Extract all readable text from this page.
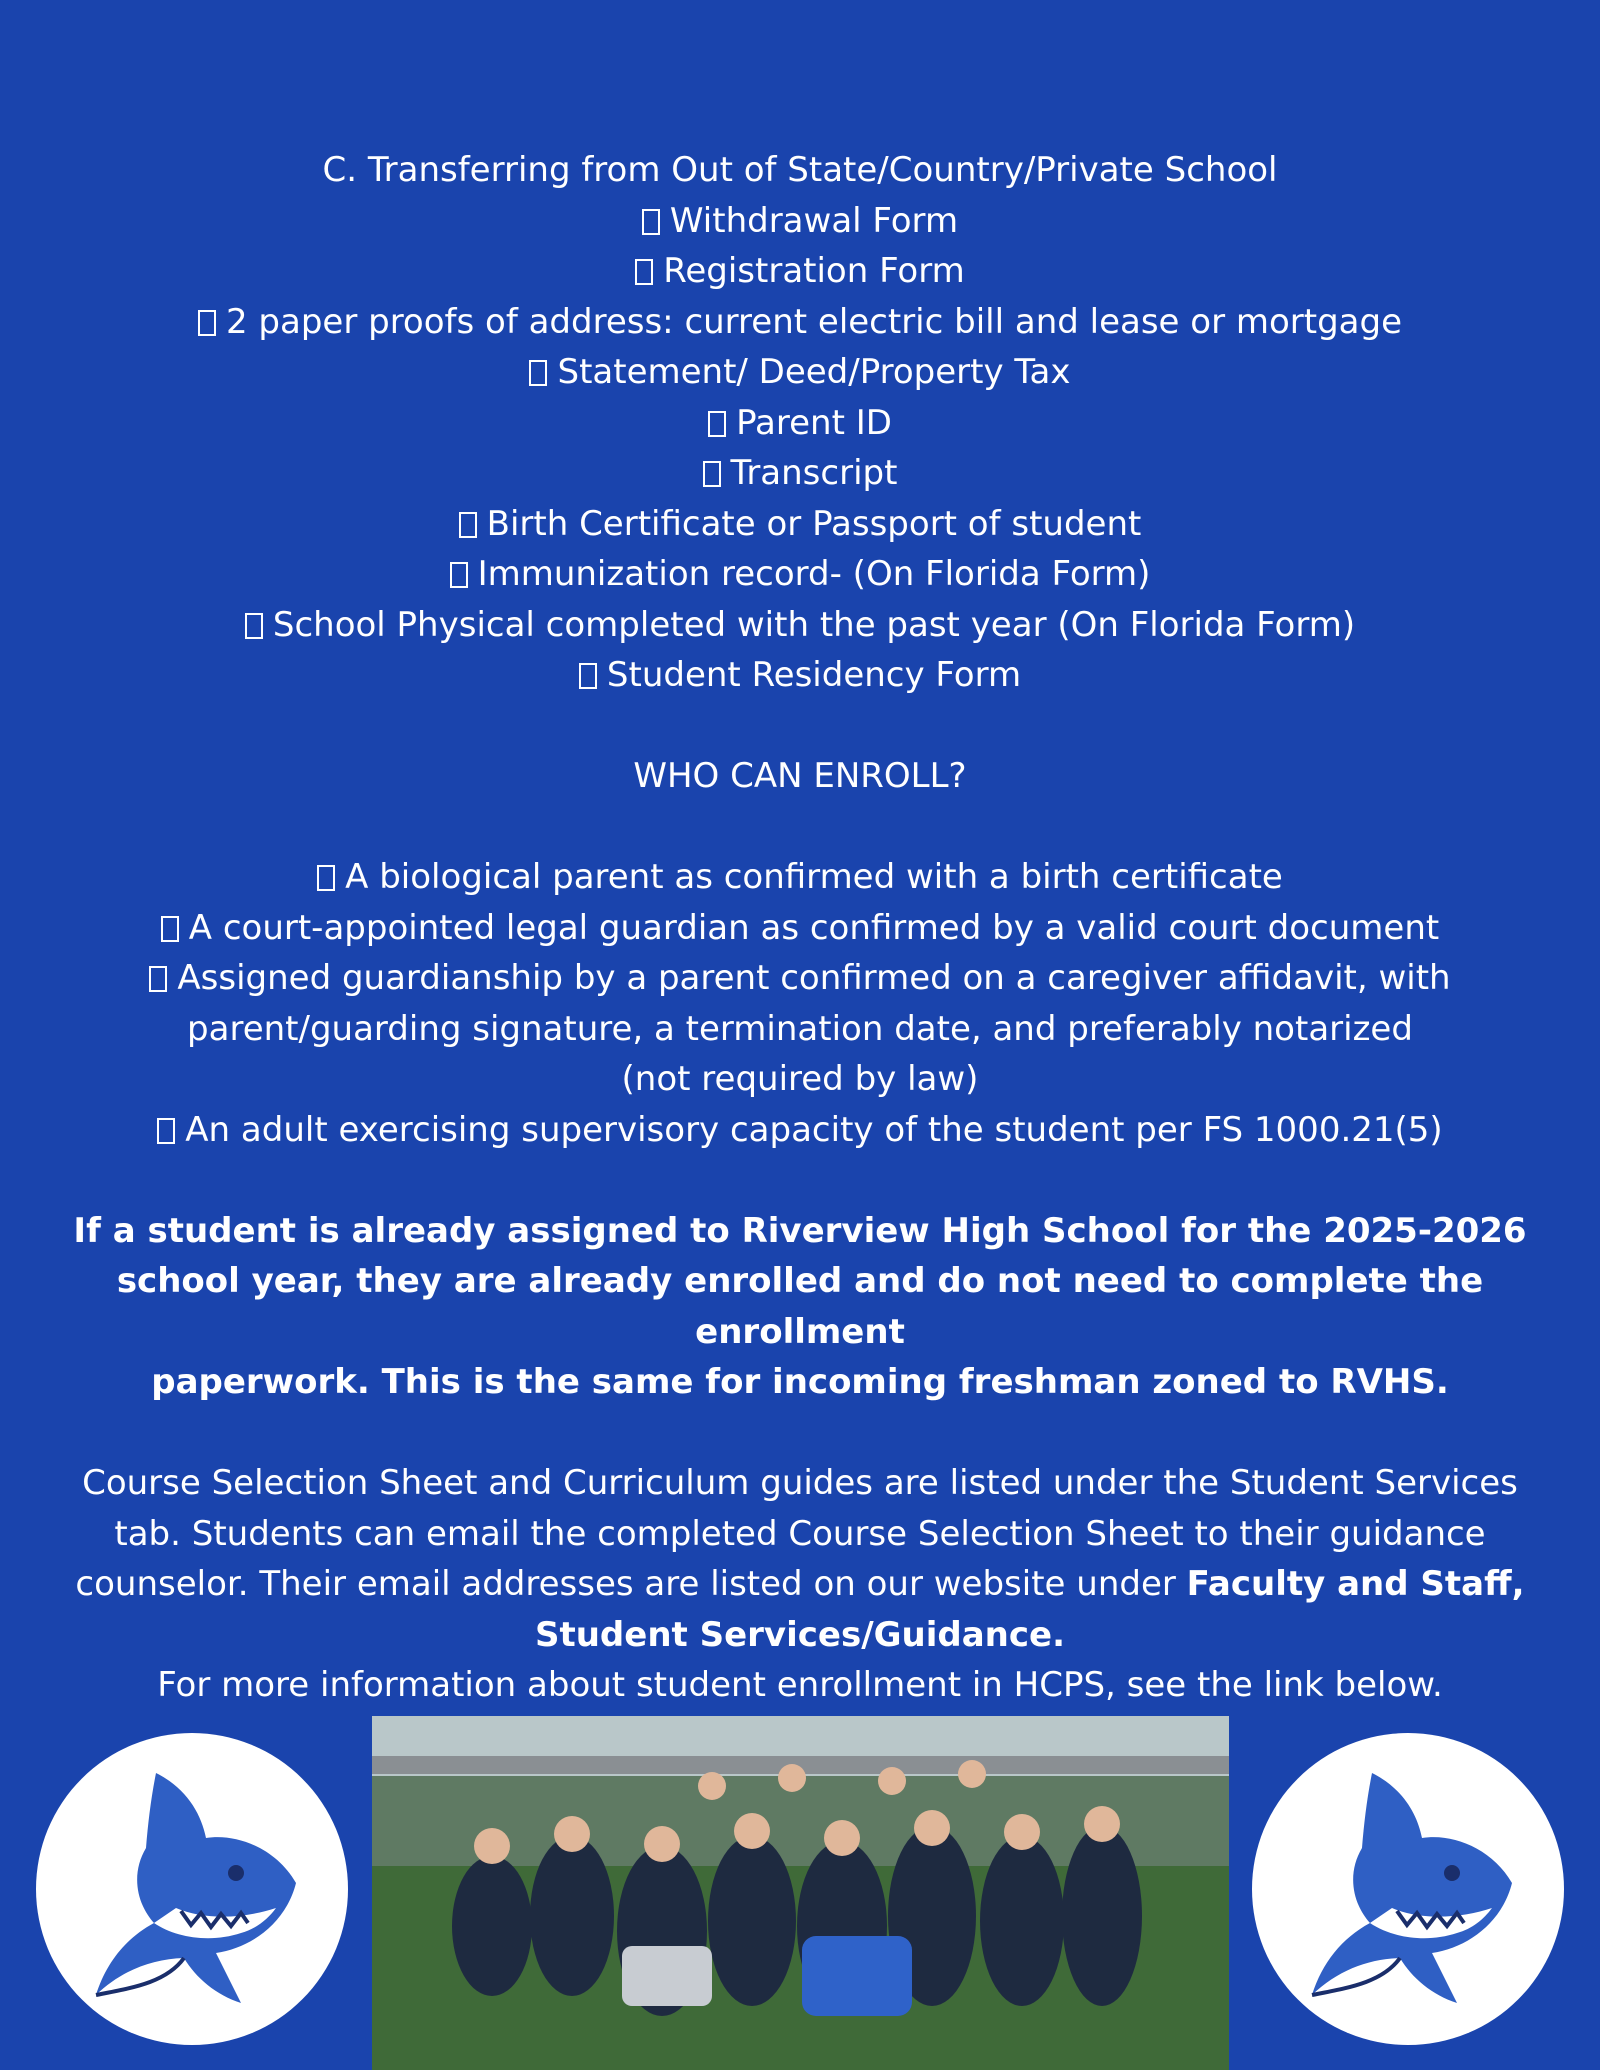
C. Transferring from Out of State/Country/Private School
Withdrawal Form
Registration Form
2 paper proofs of address: current electric bill and lease or mortgage
Statement/ Deed/Property Tax
Parent ID
Transcript
Birth Certificate or Passport of student
Immunization record- (On Florida Form)
School Physical completed with the past year (On Florida Form)
Student Residency Form
WHO CAN ENROLL?
A biological parent as confirmed with a birth certificate
A court-appointed legal guardian as confirmed by a valid court document
Assigned guardianship by a parent confirmed on a caregiver affidavit, with
parent/guarding signature, a termination date, and preferably notarized
(not required by law)
An adult exercising supervisory capacity of the student per FS 1000.21(5)
If a student is already assigned to Riverview High School for the 2025-2026
school year, they are already enrolled and do not need to complete the enrollment
paperwork. This is the same for incoming freshman zoned to RVHS.
Course Selection Sheet and Curriculum guides are listed under the Student Services
tab. Students can email the completed Course Selection Sheet to their guidance
counselor. Their email addresses are listed on our website under Faculty and Staff,
Student Services/Guidance.
For more information about student enrollment in HCPS, see the link below.
